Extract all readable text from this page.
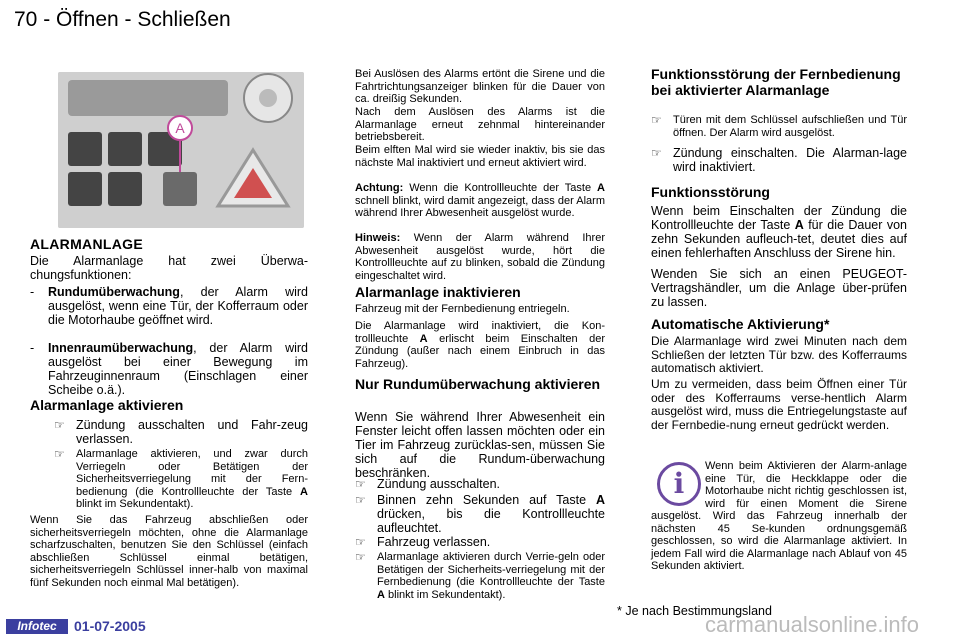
70 - Öffnen - Schließen
A
ALARMANLAGE
Die Alarmanlage hat zwei Überwa-chungsfunktionen:
-	Rundumüberwachung, der Alarm wird ausgelöst, wenn eine Tür, der Kofferraum oder die Motorhaube geöffnet wird.
-	Innenraumüberwachung, der Alarm wird ausgelöst bei einer Bewegung im Fahrzeuginnenraum (Einschlagen einer Scheibe o.ä.).
Alarmanlage aktivieren
☞ Zündung ausschalten und Fahr-zeug verlassen.
☞	Alarmanlage aktivieren, und zwar durch Verriegeln oder Betätigen der Sicherheitsverriegelung mit der Fern-bedienung (die Kontrollleuchte der Taste A blinkt im Sekundentakt).
Wenn Sie das Fahrzeug abschließen oder sicherheitsverriegeln möchten, ohne die Alarmanlage scharfzuschalten, benutzen Sie den Schlüssel (einfach abschließen Schlüssel einmal betätigen, sicherheitsverriegeln Schlüssel inner-halb von maximal fünf Sekunden noch einmal Mal betätigen).
Bei Auslösen des Alarms ertönt die Sirene und die Fahrtrichtungsanzeiger blinken für die Dauer von ca. dreißig Sekunden.
Nach dem Auslösen des Alarms ist die Alarmanlage erneut zehnmal hintereinander betriebsbereit.
Beim elften Mal wird sie wieder inaktiv, bis sie das nächste Mal inaktiviert und erneut aktiviert wird.
Achtung: Wenn die Kontrollleuchte der Taste A schnell blinkt, wird damit angezeigt, dass der Alarm während Ihrer Abwesenheit ausgelöst wurde.
Hinweis: Wenn der Alarm während Ihrer Abwesenheit ausgelöst wurde, hört die Kontrollleuchte auf zu blinken, sobald die Zündung eingeschaltet wird.
Alarmanlage inaktivieren
Fahrzeug mit der Fernbedienung entriegeln.
Die Alarmanlage wird inaktiviert, die Kon-trollleuchte A erlischt beim Einschalten der Zündung (außer nach einem Einbruch in das Fahrzeug).
Nur Rundumüberwachung aktivieren
Wenn Sie während Ihrer Abwesenheit ein Fenster leicht offen lassen möchten oder ein Tier im Fahrzeug zurücklas-sen, müssen Sie sich auf die Rundum-überwachung beschränken.
☞ Zündung ausschalten.
☞ Binnen zehn Sekunden auf Taste A drücken, bis die Kontrollleuchte aufleuchtet.
☞ Fahrzeug verlassen.
☞	Alarmanlage aktivieren durch Verrie-geln oder Betätigen der Sicherheits-verriegelung mit der Fernbedienung (die Kontrollleuchte der Taste A blinkt im Sekundentakt).
Funktionsstörung der Fernbedienung bei aktivierter Alarmanlage
☞	Türen mit dem Schlüssel aufschließen und Tür öffnen. Der Alarm wird ausgelöst.
☞ Zündung einschalten. Die Alarman-lage wird inaktiviert.
Funktionsstörung
Wenn beim Einschalten der Zündung die Kontrollleuchte der Taste A für die Dauer von zehn Sekunden aufleuch-tet, deutet dies auf einen fehlerhaften Anschluss der Sirene hin.
Wenden Sie sich an einen PEUGEOT-Vertragshändler, um die Anlage über-prüfen zu lassen.
Automatische Aktivierung*
Die Alarmanlage wird zwei Minuten nach dem Schließen der letzten Tür bzw. des Kofferraums automatisch aktiviert.
Um zu vermeiden, dass beim Öffnen einer Tür oder des Kofferraums verse-hentlich Alarm ausgelöst wird, muss die Entriegelungstaste auf der Fernbedie-nung erneut gedrückt werden.
i
Wenn beim Aktivieren der Alarm-anlage eine Tür, die Heckklappe oder die Motorhaube nicht richtig geschlossen ist, wird für einen Moment die Sirene ausgelöst. Wird das Fahrzeug innerhalb der nächsten 45 Se-kunden ordnungsgemäß geschlossen, so wird die Alarmanlage aktiviert. In jedem Fall wird die Alarmanlage nach Ablauf von 45 Sekunden aktiviert.
* Je nach Bestimmungsland
Infotec	01-07-2005	carmanualsonline.info
